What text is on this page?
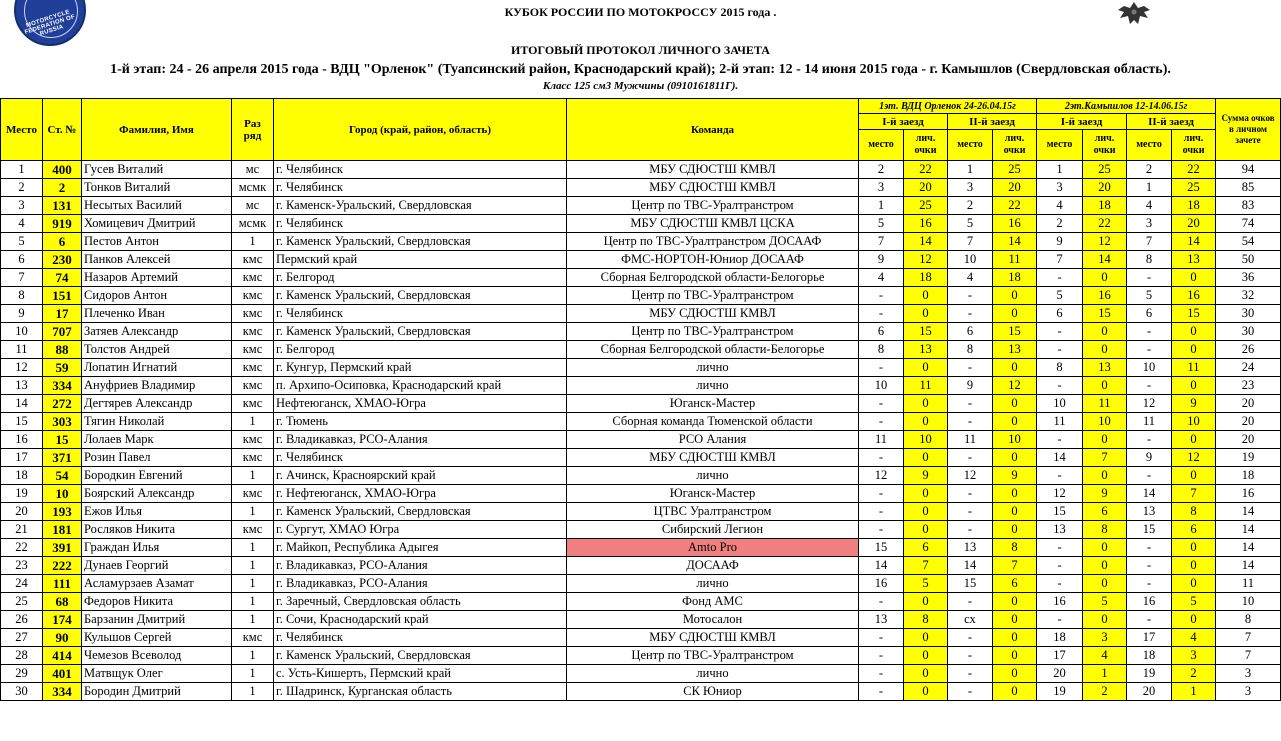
MOTORCYCLE FEDERATION OF RUSSIA
КУБОК РОССИИ ПО МОТОКРОССУ 2015 года .
ИТОГОВЫЙ ПРОТОКОЛ ЛИЧНОГО ЗАЧЕТА
1-й этап: 24 - 26 апреля 2015 года - ВДЦ "Орленок" (Туапсинский район, Краснодарский край); 2-й этап: 12 - 14 июня 2015 года - г. Камышлов (Свердловская область).
Класс 125 см3 Мужчины (0910161811Г).
Место	Ст. №	Фамилия, Имя	Раз ряд	Город (край, район, область)	Команда	1эт. ВДЦ Орленок 24-26.04.15г				2эт.Камышлов 12-14.06.15г				Сумма очков в личном зачете
						I-й заезд		II-й заезд		I-й заезд		II-й заезд		
						место	лич. очки	место	лич. очки	место	лич. очки	место	лич. очки	
1	400	Гусев Виталий	мс	г. Челябинск	МБУ СДЮСТШ КМВЛ	2	22	1	25	1	25	2	22	94
2	2	Тонков Виталий	мсмк	г. Челябинск	МБУ СДЮСТШ КМВЛ	3	20	3	20	3	20	1	25	85
3	131	Несытых Василий	мс	г. Каменск-Уральский, Свердловская	Центр по ТВС-Уралтранстром	1	25	2	22	4	18	4	18	83
4	919	Хомицевич Дмитрий	мсмк	г. Челябинск	МБУ СДЮСТШ КМВЛ ЦСКА	5	16	5	16	2	22	3	20	74
5	6	Пестов Антон	1	г. Каменск Уральский, Свердловская	Центр по ТВС-Уралтранстром ДОСААФ	7	14	7	14	9	12	7	14	54
6	230	Панков Алексей	кмс	Пермский край	ФМС-НОРТОН-Юниор ДОСААФ	9	12	10	11	7	14	8	13	50
7	74	Назаров Артемий	кмс	г. Белгород	Сборная Белгородской области-Белогорье	4	18	4	18	-	0	-	0	36
8	151	Сидоров Антон	кмс	г. Каменск Уральский, Свердловская	Центр по ТВС-Уралтранстром	-	0	-	0	5	16	5	16	32
9	17	Плеченко Иван	кмс	г. Челябинск	МБУ СДЮСТШ КМВЛ	-	0	-	0	6	15	6	15	30
10	707	Затяев Александр	кмс	г. Каменск Уральский, Свердловская	Центр по ТВС-Уралтранстром	6	15	6	15	-	0	-	0	30
11	88	Толстов Андрей	кмс	г. Белгород	Сборная Белгородской области-Белогорье	8	13	8	13	-	0	-	0	26
12	59	Лопатин Игнатий	кмс	г. Кунгур, Пермский край	лично	-	0	-	0	8	13	10	11	24
13	334	Ануфриев Владимир	кмс	п. Архипо-Осиповка, Краснодарский край	лично	10	11	9	12	-	0	-	0	23
14	272	Дегтярев Александр	кмс	Нефтеюганск, ХМАО-Югра	Юганск-Мастер	-	0	-	0	10	11	12	9	20
15	303	Тягин Николай	1	г. Тюмень	Сборная команда Тюменской области	-	0	-	0	11	10	11	10	20
16	15	Лолаев Марк	кмс	г. Владикавказ, РСО-Алания	РСО Алания	11	10	11	10	-	0	-	0	20
17	371	Розин Павел	кмс	г. Челябинск	МБУ СДЮСТШ КМВЛ	-	0	-	0	14	7	9	12	19
18	54	Бородкин Евгений	1	г. Ачинск, Красноярский край	лично	12	9	12	9	-	0	-	0	18
19	10	Боярский Александр	кмс	г. Нефтеюганск, ХМАО-Югра	Юганск-Мастер	-	0	-	0	12	9	14	7	16
20	193	Ежов Илья	1	г. Каменск Уральский, Свердловская	ЦТВС Уралтранстром	-	0	-	0	15	6	13	8	14
21	181	Росляков Никита	кмс	г. Сургут, ХМАО Югра	Сибирский Легион	-	0	-	0	13	8	15	6	14
22	391	Граждан Илья	1	г. Майкоп, Республика Адыгея	Amto Pro	15	6	13	8	-	0	-	0	14
23	222	Дунаев Георгий	1	г. Владикавказ, РСО-Алания	ДОСААФ	14	7	14	7	-	0	-	0	14
24	111	Асламурзаев Азамат	1	г. Владикавказ, РСО-Алания	лично	16	5	15	6	-	0	-	0	11
25	68	Федоров Никита	1	г. Заречный, Свердловская область	Фонд АМС	-	0	-	0	16	5	16	5	10
26	174	Барзанин Дмитрий	1	г. Сочи, Краснодарский край	Мотосалон	13	8	сх	0	-	0	-	0	8
27	90	Кульшов Сергей	кмс	г. Челябинск	МБУ СДЮСТШ КМВЛ	-	0	-	0	18	3	17	4	7
28	414	Чемезов Всеволод	1	г. Каменск Уральский, Свердловская	Центр по ТВС-Уралтранстром	-	0	-	0	17	4	18	3	7
29	401	Матвщук Олег	1	с. Усть-Кишерть, Пермский край	лично	-	0	-	0	20	1	19	2	3
30	334	Бородин Дмитрий	1	г. Шадринск, Курганская область	СК Юниор	-	0	-	0	19	2	20	1	3
